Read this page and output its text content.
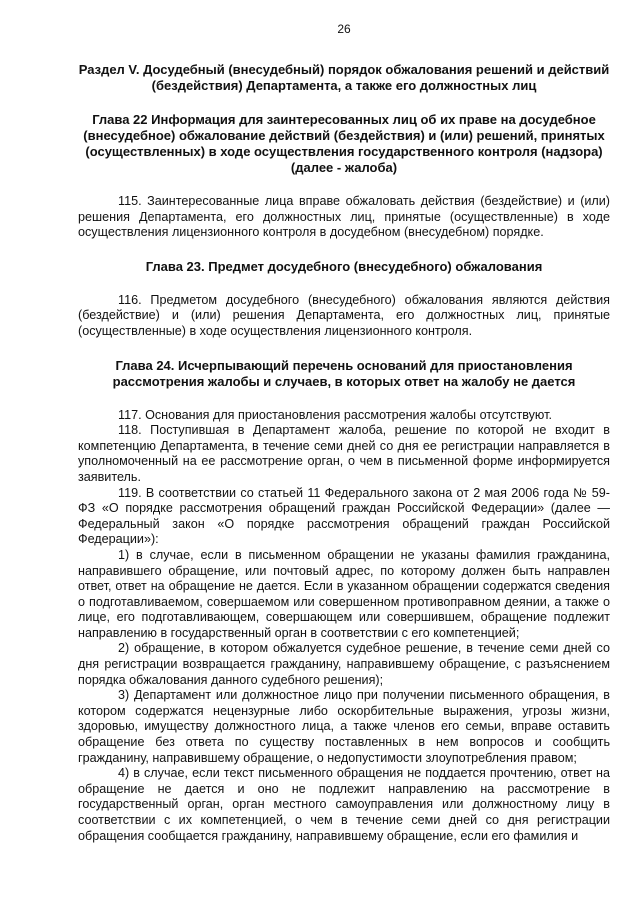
26
Раздел V. Досудебный (внесудебный) порядок обжалования решений и действий (бездействия) Департамента, а также его должностных лиц
Глава 22 Информация для заинтересованных лиц об их праве на досудебное (внесудебное) обжалование действий (бездействия) и (или) решений, принятых (осуществленных) в ходе осуществления государственного контроля (надзора) (далее - жалоба)

115. Заинтересованные лица вправе обжаловать действия (бездействие) и (или) решения Департамента, его должностных лиц, принятые (осуществленные) в ходе осуществления лицензионного контроля в досудебном (внесудебном) порядке.

Глава 23. Предмет досудебного (внесудебного) обжалования

116. Предметом досудебного (внесудебного) обжалования являются действия (бездействие) и (или) решения Департамента, его должностных лиц, принятые (осуществленные) в ходе осуществления лицензионного контроля.

Глава 24. Исчерпывающий перечень оснований для приостановления рассмотрения жалобы и случаев, в которых ответ на жалобу не дается

117. Основания для приостановления рассмотрения жалобы отсутствуют.

118. Поступившая в Департамент жалоба, решение по которой не входит в компетенцию Департамента, в течение семи дней со дня ее регистрации направляется в уполномоченный на ее рассмотрение орган, о чем в письменной форме информируется заявитель.

119. В соответствии со статьей 11 Федерального закона от 2 мая 2006 года № 59-ФЗ «О порядке рассмотрения обращений граждан Российской Федерации» (далее — Федеральный закон «О порядке рассмотрения обращений граждан Российской Федерации»):

1) в случае, если в письменном обращении не указаны фамилия гражданина, направившего обращение, или почтовый адрес, по которому должен быть направлен ответ, ответ на обращение не дается. Если в указанном обращении содержатся сведения о подготавливаемом, совершаемом или совершенном противоправном деянии, а также о лице, его подготавливающем, совершающем или совершившем, обращение подлежит направлению в государственный орган в соответствии с его компетенцией;

2) обращение, в котором обжалуется судебное решение, в течение семи дней со дня регистрации возвращается гражданину, направившему обращение, с разъяснением порядка обжалования данного судебного решения);

3) Департамент или должностное лицо при получении письменного обращения, в котором содержатся нецензурные либо оскорбительные выражения, угрозы жизни, здоровью, имуществу должностного лица, а также членов его семьи, вправе оставить обращение без ответа по существу поставленных в нем вопросов и сообщить гражданину, направившему обращение, о недопустимости злоупотребления правом;

4) в случае, если текст письменного обращения не поддается прочтению, ответ на обращение не дается и оно не подлежит направлению на рассмотрение в государственный орган, орган местного самоуправления или должностному лицу в соответствии с их компетенцией, о чем в течение семи дней со дня регистрации обращения сообщается гражданину, направившему обращение, если его фамилия и
